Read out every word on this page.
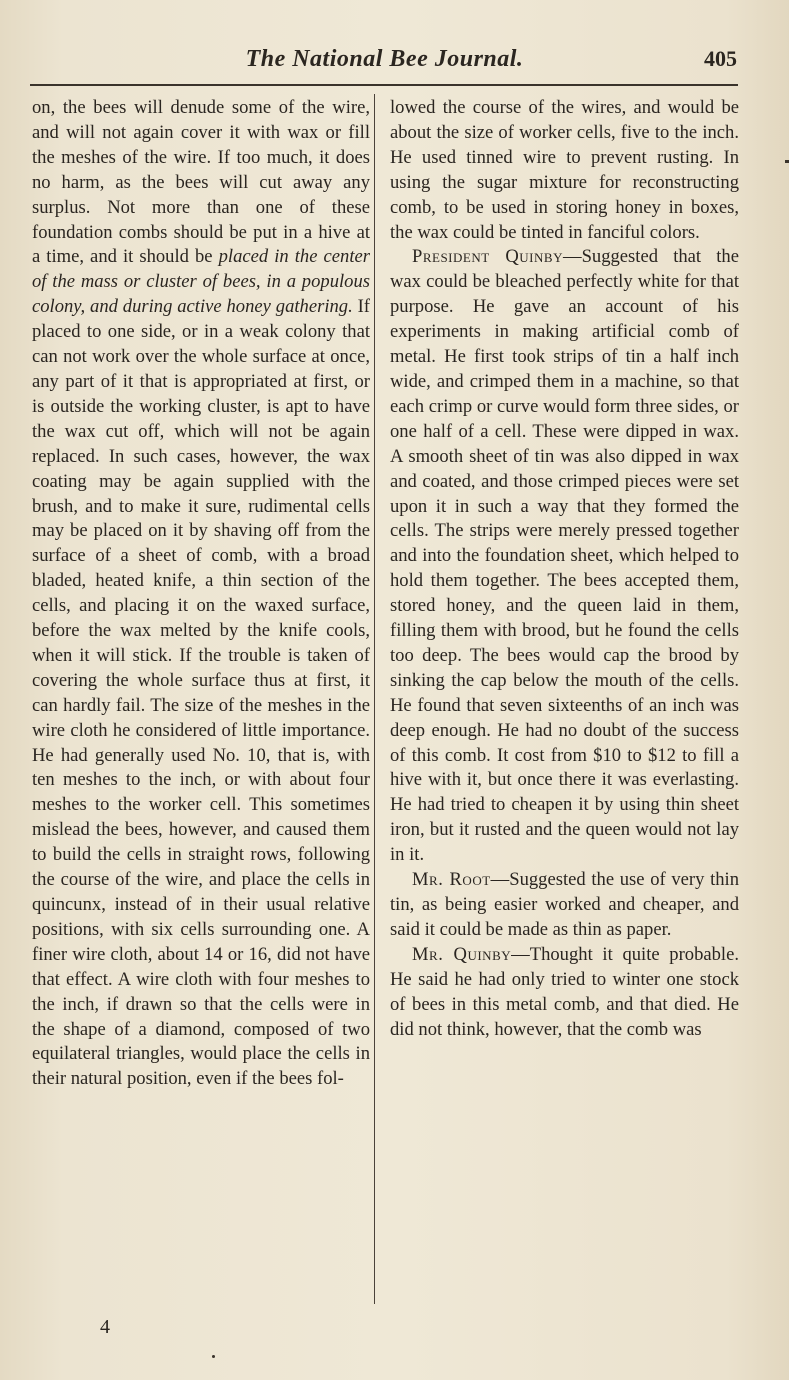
The National Bee Journal.	405

on, the bees will denude some of the wire, and will not again cover it with wax or fill the meshes of the wire. If too much, it does no harm, as the bees will cut away any surplus. Not more than one of these foundation combs should be put in a hive at a time, and it should be placed in the center of the mass or cluster of bees, in a populous colony, and during active honey gathering. If placed to one side, or in a weak colony that can not work over the whole surface at once, any part of it that is appropriated at first, or is outside the working cluster, is apt to have the wax cut off, which will not be again replaced. In such cases, however, the wax coating may be again supplied with the brush, and to make it sure, rudimental cells may be placed on it by shaving off from the surface of a sheet of comb, with a broad bladed, heated knife, a thin section of the cells, and placing it on the waxed surface, before the wax melted by the knife cools, when it will stick. If the trouble is taken of covering the whole surface thus at first, it can hardly fail. The size of the meshes in the wire cloth he considered of little importance. He had generally used No. 10, that is, with ten meshes to the inch, or with about four meshes to the worker cell. This sometimes mislead the bees, however, and caused them to build the cells in straight rows, following the course of the wire, and place the cells in quincunx, instead of in their usual relative positions, with six cells surrounding one. A finer wire cloth, about 14 or 16, did not have that effect. A wire cloth with four meshes to the inch, if drawn so that the cells were in the shape of a diamond, composed of two equilateral triangles, would place the cells in their natural position, even if the bees fol-

lowed the course of the wires, and would be about the size of worker cells, five to the inch. He used tinned wire to prevent rusting. In using the sugar mixture for reconstructing comb, to be used in storing honey in boxes, the wax could be tinted in fanciful colors.

President Quinby—Suggested that the wax could be bleached perfectly white for that purpose. He gave an account of his experiments in making artificial comb of metal. He first took strips of tin a half inch wide, and crimped them in a machine, so that each crimp or curve would form three sides, or one half of a cell. These were dipped in wax. A smooth sheet of tin was also dipped in wax and coated, and those crimped pieces were set upon it in such a way that they formed the cells. The strips were merely pressed together and into the foundation sheet, which helped to hold them together. The bees accepted them, stored honey, and the queen laid in them, filling them with brood, but he found the cells too deep. The bees would cap the brood by sinking the cap below the mouth of the cells. He found that seven sixteenths of an inch was deep enough. He had no doubt of the success of this comb. It cost from $10 to $12 to fill a hive with it, but once there it was everlasting. He had tried to cheapen it by using thin sheet iron, but it rusted and the queen would not lay in it.

Mr. Root—Suggested the use of very thin tin, as being easier worked and cheaper, and said it could be made as thin as paper.

Mr. Quinby—Thought it quite probable. He said he had only tried to winter one stock of bees in this metal comb, and that died. He did not think, however, that the comb was

4
